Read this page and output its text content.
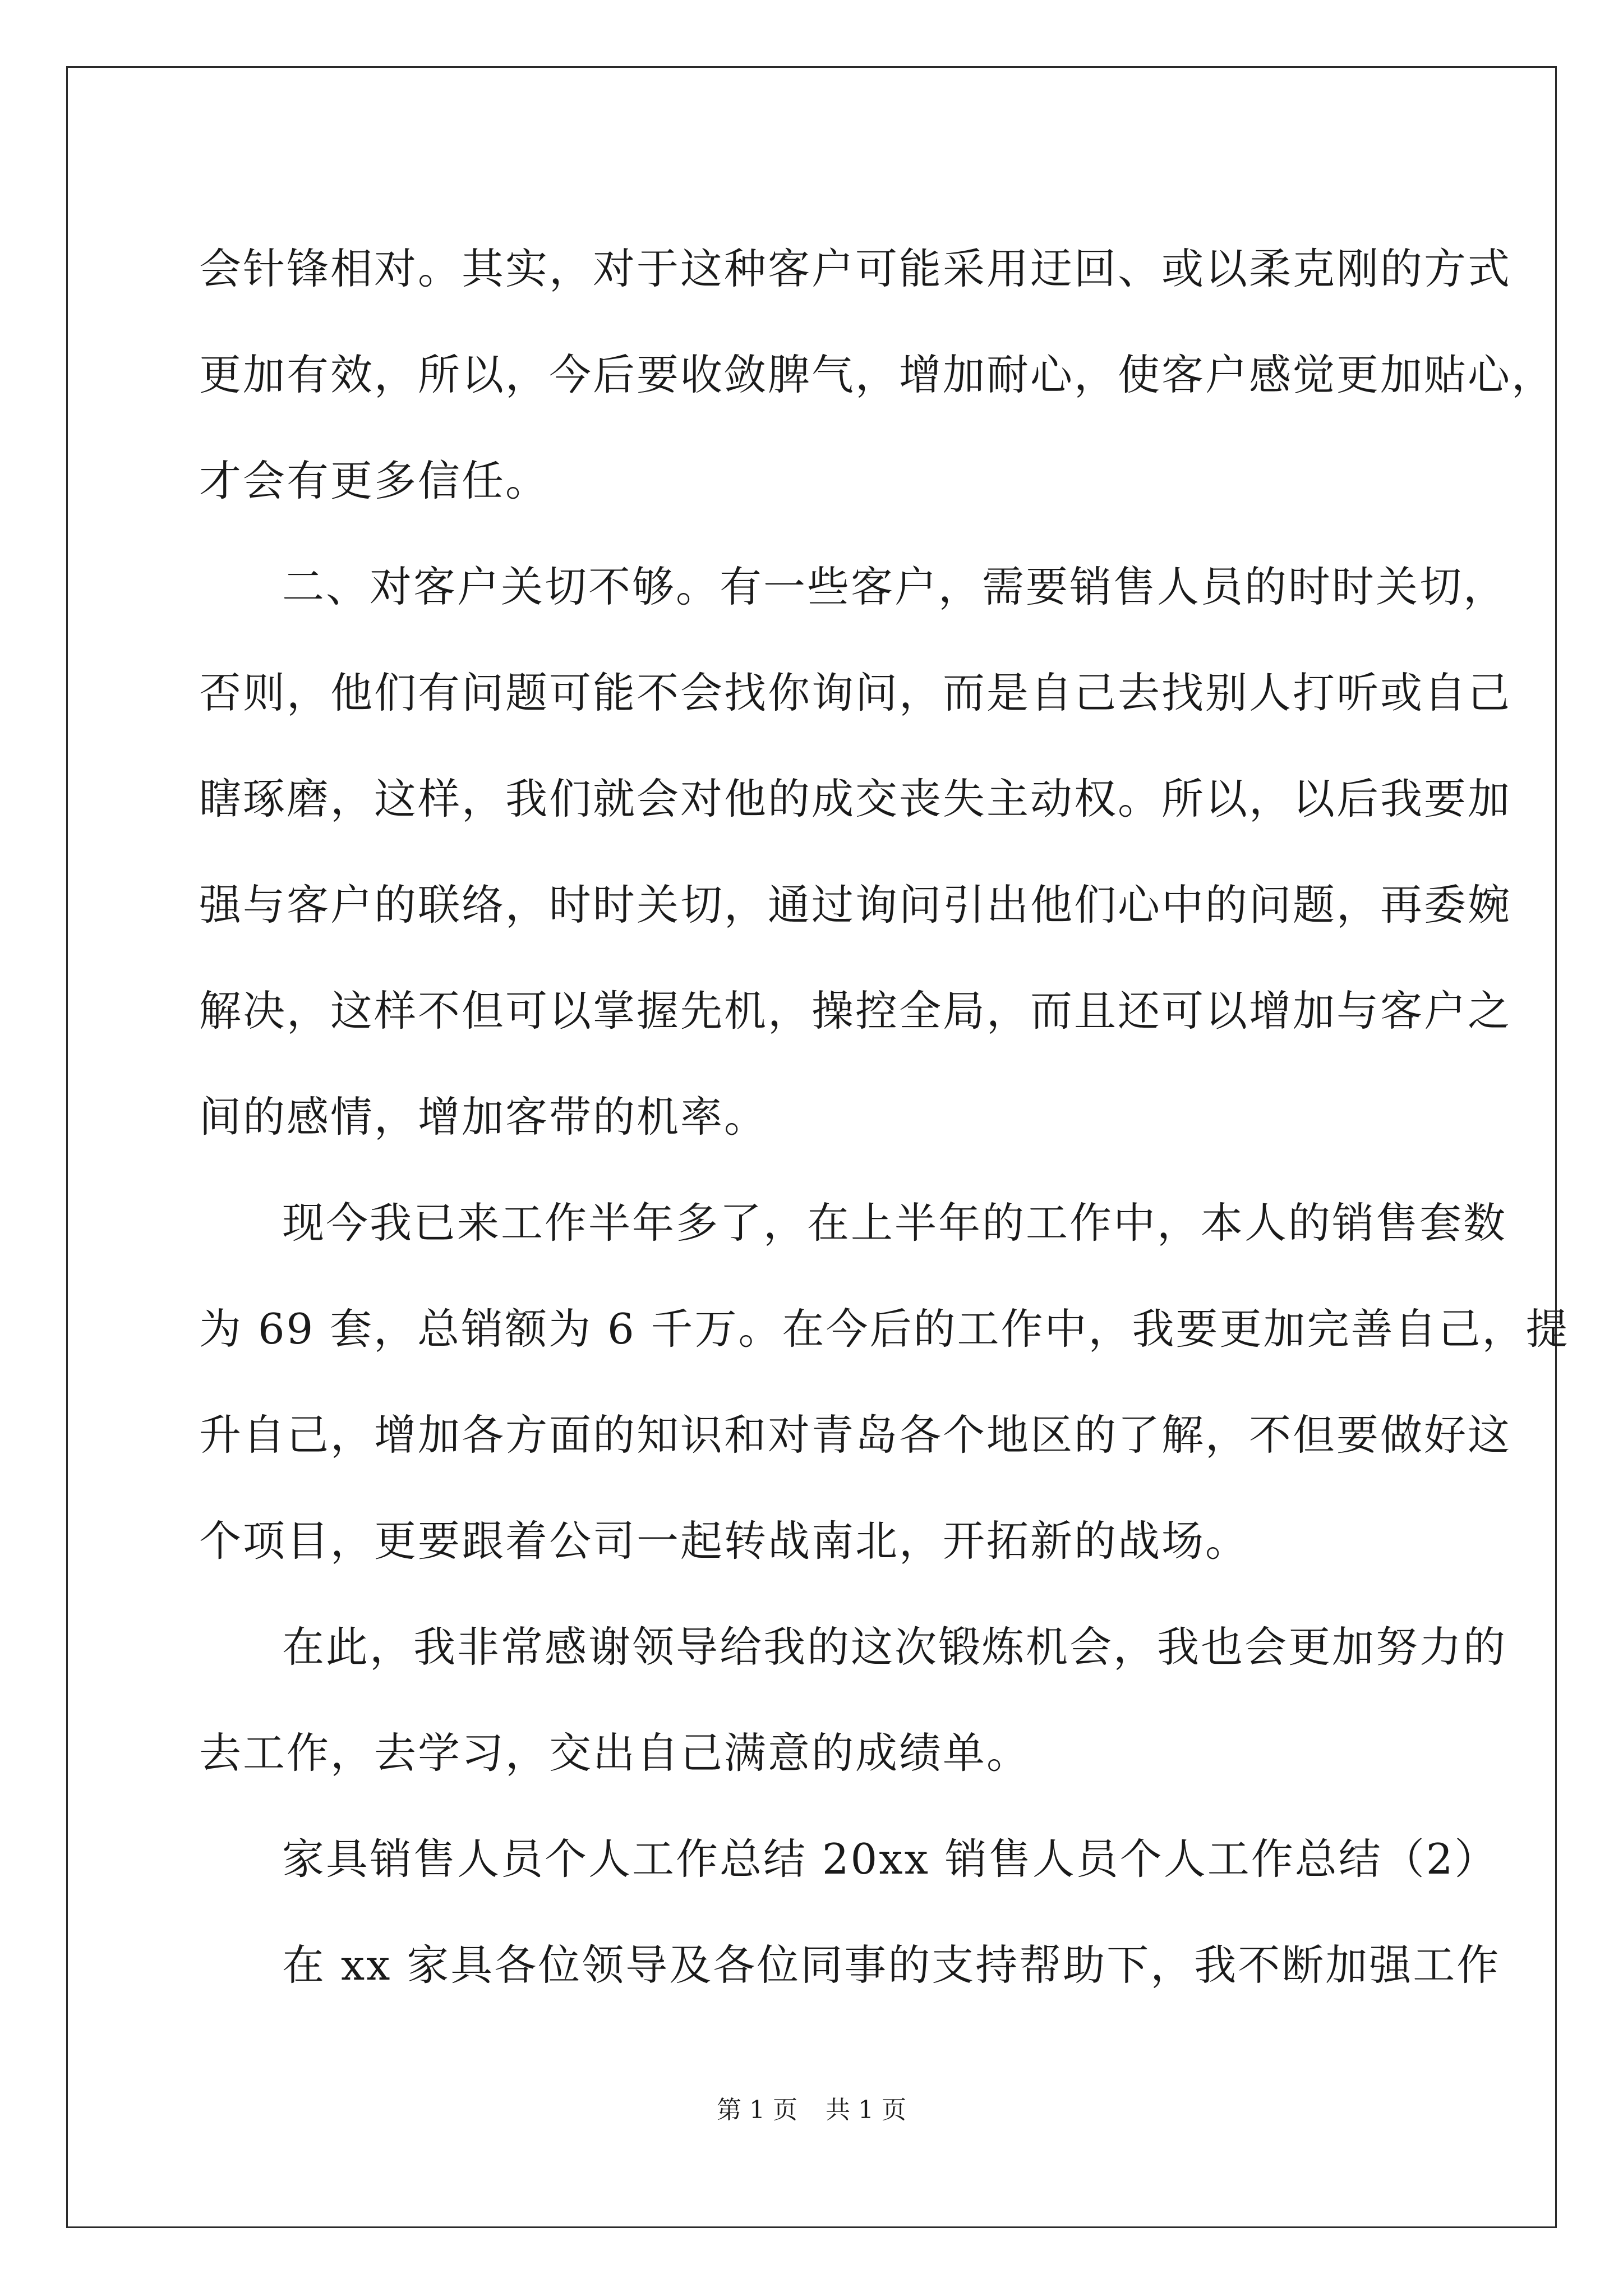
会针锋相对。其实，对于这种客户可能采用迂回、或以柔克刚的方式
更加有效，所以，今后要收敛脾气，增加耐心，使客户感觉更加贴心，
才会有更多信任。
二、对客户关切不够。有一些客户，需要销售人员的时时关切，
否则，他们有问题可能不会找你询问，而是自己去找别人打听或自己
瞎琢磨，这样，我们就会对他的成交丧失主动权。所以，以后我要加
强与客户的联络，时时关切，通过询问引出他们心中的问题，再委婉
解决，这样不但可以掌握先机，操控全局，而且还可以增加与客户之
间的感情，增加客带的机率。
现今我已来工作半年多了，在上半年的工作中，本人的销售套数
为 69 套，总销额为 6 千万。在今后的工作中，我要更加完善自己，提
升自己，增加各方面的知识和对青岛各个地区的了解，不但要做好这
个项目，更要跟着公司一起转战南北，开拓新的战场。
在此，我非常感谢领导给我的这次锻炼机会，我也会更加努力的
去工作，去学习，交出自己满意的成绩单。
家具销售人员个人工作总结 20xx 销售人员个人工作总结（2）
在 xx 家具各位领导及各位同事的支持帮助下，我不断加强工作
第 1 页 共 1 页
